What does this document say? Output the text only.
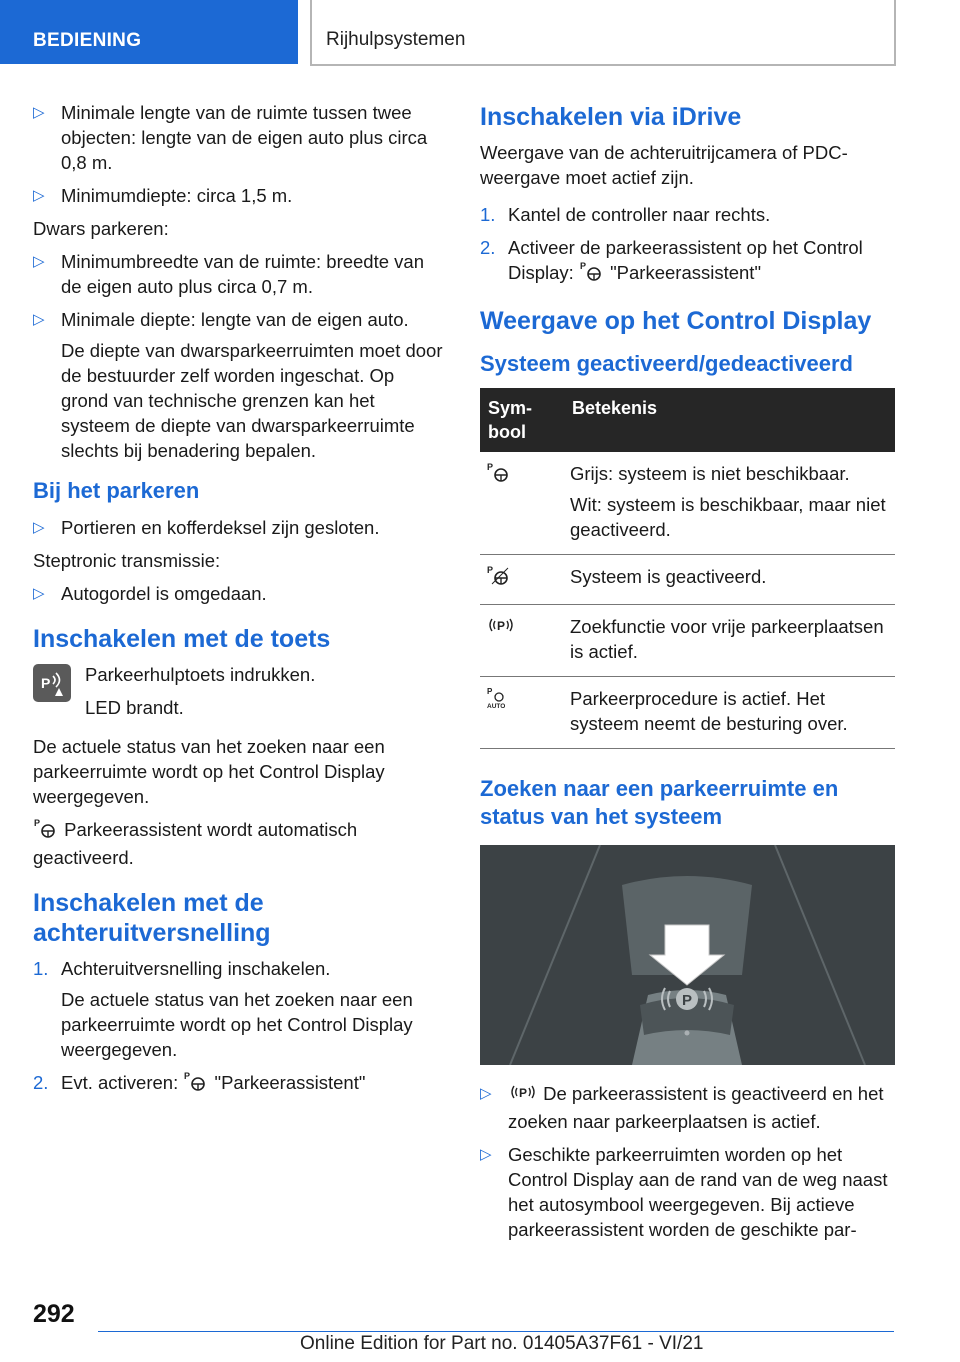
BEDIENING	Rijhulpsystemen
▷ Minimale lengte van de ruimte tussen twee objecten: lengte van de eigen auto plus circa 0,8 m.
▷ Minimumdiepte: circa 1,5 m.

Dwars parkeren:

▷ Minimumbreedte van de ruimte: breedte van de eigen auto plus circa 0,7 m.
▷ Minimale diepte: lengte van de eigen auto.

De diepte van dwarsparkeerruimten moet door de bestuurder zelf worden ingeschat. Op grond van technische grenzen kan het systeem de diepte van dwarsparkeerruimte slechts bij benadering bepalen.

Bij het parkeren
▷ Portieren en kofferdeksel zijn gesloten.

Steptronic transmissie:

▷ Autogordel is omgedaan.
Inschakelen met de toets
P Parkeerhulptoets indrukken.

LED brandt.

De actuele status van het zoeken naar een parkeerruimte wordt op het Control Display weergegeven.

P Parkeerassistent wordt automatisch geactiveerd.

Inschakelen met de achteruitversnelling
1. Achteruitversnelling inschakelen.

De actuele status van het zoeken naar een parkeerruimte wordt op het Control Display weergegeven.

2. Evt. activeren: P "Parkeerassistent"
Inschakelen via iDrive

Weergave van de achteruitrijcamera of PDC-weergave moet actief zijn.

1. Kantel de controller naar rechts.
2. Activeer de parkeerassistent op het Control Display: P "Parkeerassistent"
Weergave op het Control Display
Systeem geactiveerd/gedeactiveerd
Sym-bool	Betekenis

P	Grijs: systeem is niet beschikbaar.

Wit: systeem is beschikbaar, maar niet geactiveerd.

P	Systeem is geactiveerd.

P	Zoekfunctie voor vrije parkeerplaatsen is actief.

P
AUTO	Parkeerprocedure is actief. Het systeem neemt de besturing over.

Zoeken naar een parkeerruimte en status van het systeem
P
▷ P De parkeerassistent is geactiveerd en het zoeken naar parkeerplaatsen is actief.
▷ Geschikte parkeerruimten worden op het Control Display aan de rand van de weg naast het autosymbool weergegeven. Bij actieve parkeerassistent worden de geschikte par-
292
Online Edition for Part no. 01405A37F61 - VI/21
